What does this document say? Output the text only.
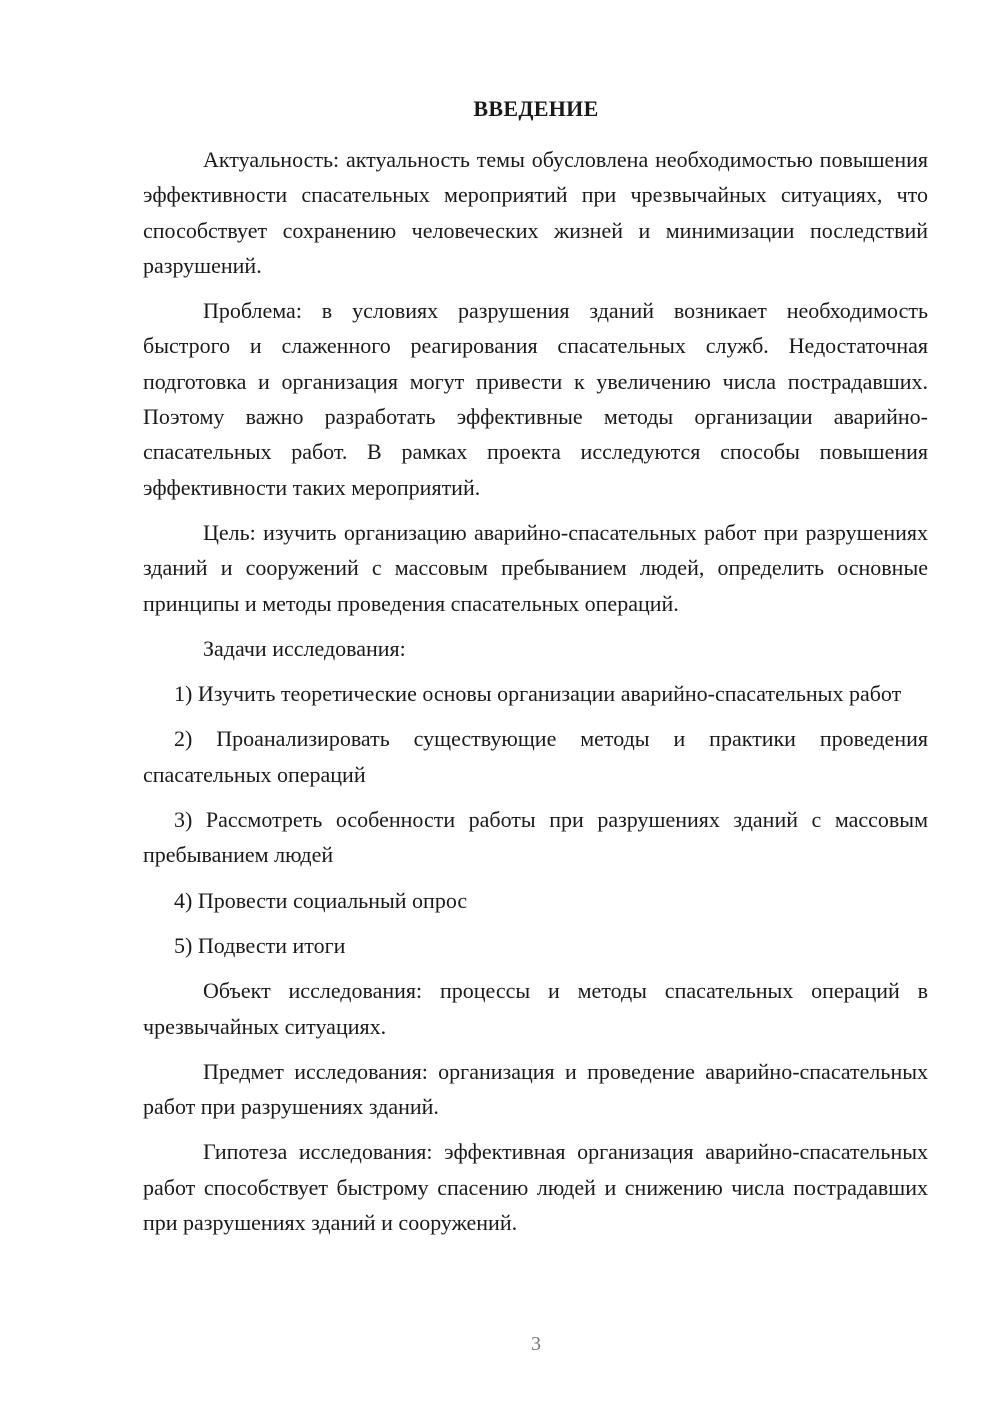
ВВЕДЕНИЕ

Актуальность: актуальность темы обусловлена необходимостью повышения эффективности спасательных мероприятий при чрезвычайных ситуациях, что способствует сохранению человеческих жизней и минимизации последствий разрушений.

Проблема: в условиях разрушения зданий возникает необходимость быстрого и слаженного реагирования спасательных служб. Недостаточная подготовка и организация могут привести к увеличению числа пострадавших. Поэтому важно разработать эффективные методы организации аварийно-спасательных работ. В рамках проекта исследуются способы повышения эффективности таких мероприятий.

Цель: изучить организацию аварийно-спасательных работ при разрушениях зданий и сооружений с массовым пребыванием людей, определить основные принципы и методы проведения спасательных операций.

Задачи исследования:

1) Изучить теоретические основы организации аварийно-спасательных работ

2) Проанализировать существующие методы и практики проведения спасательных операций

3) Рассмотреть особенности работы при разрушениях зданий с массовым пребыванием людей

4) Провести социальный опрос

5) Подвести итоги

Объект исследования: процессы и методы спасательных операций в чрезвычайных ситуациях.

Предмет исследования: организация и проведение аварийно-спасательных работ при разрушениях зданий.

Гипотеза исследования: эффективная организация аварийно-спасательных работ способствует быстрому спасению людей и снижению числа пострадавших при разрушениях зданий и сооружений.

3
